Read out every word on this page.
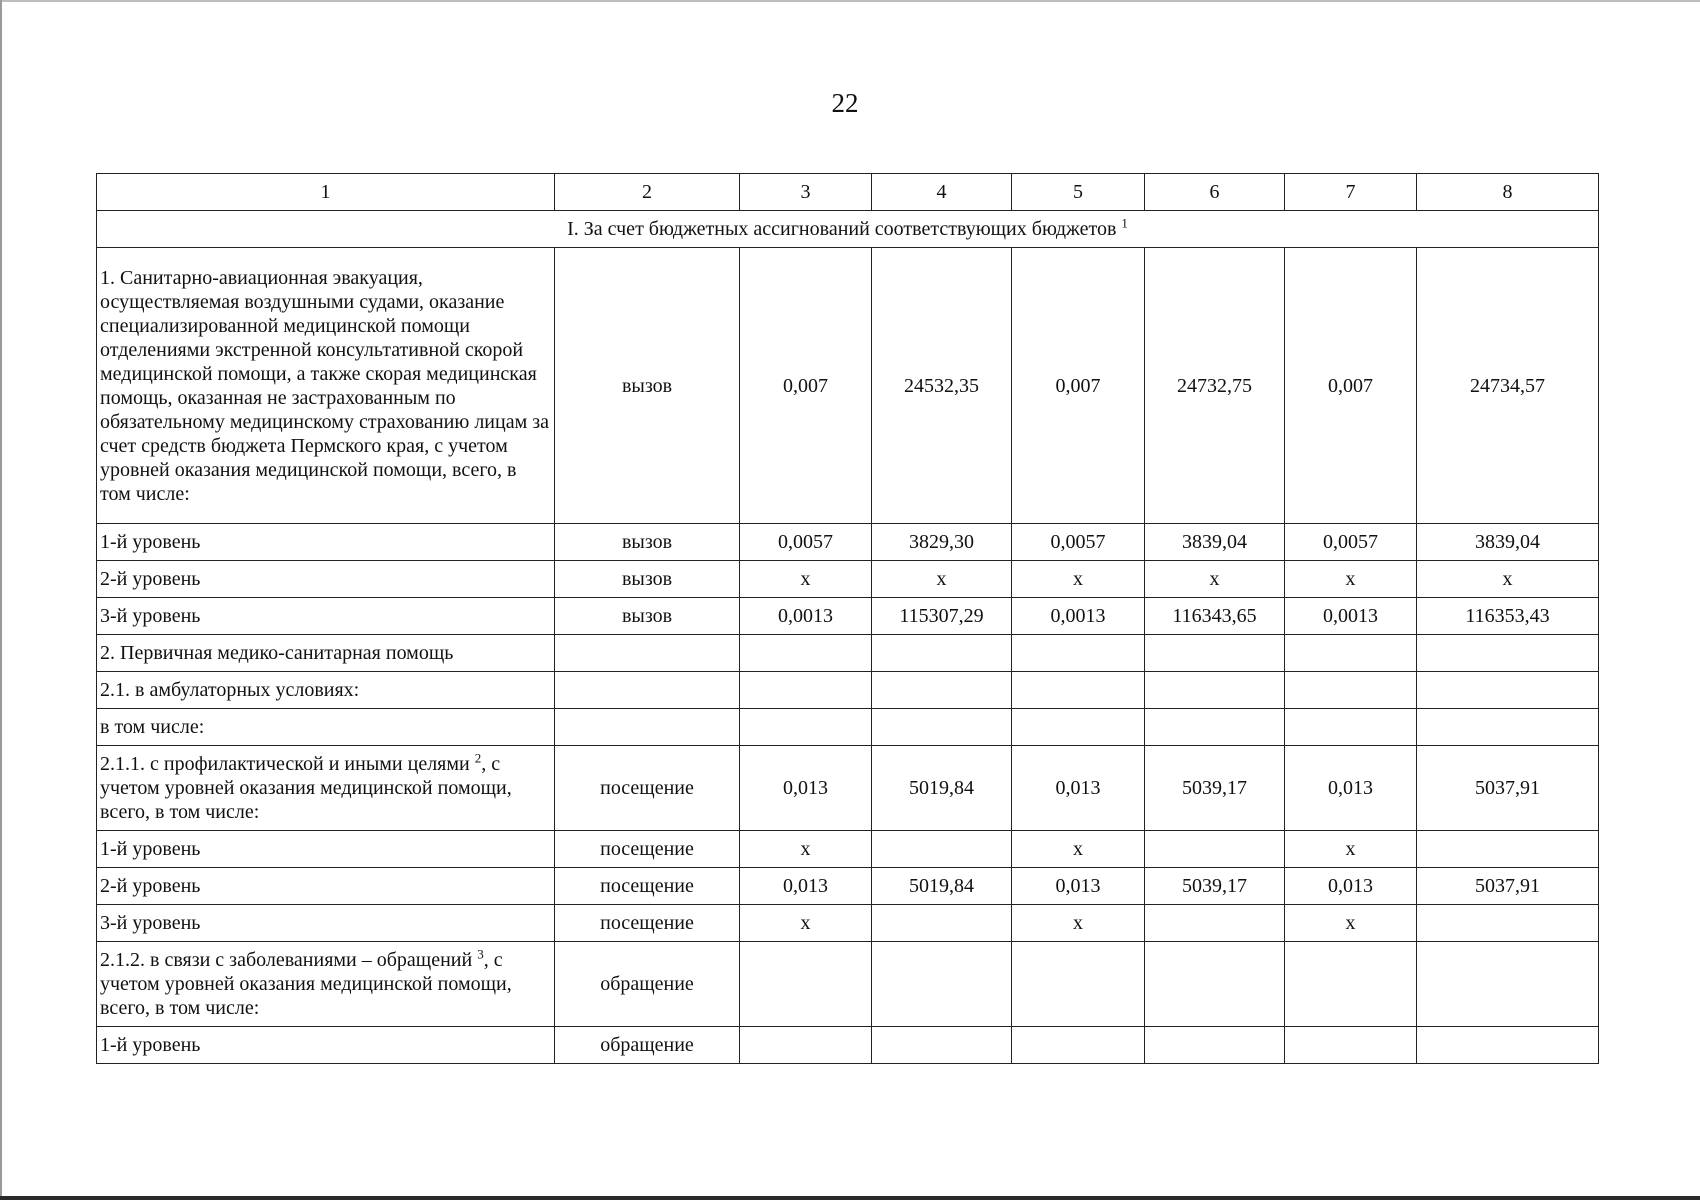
22
1	2	3	4	5	6	7	8
I. За счет бюджетных ассигнований соответствующих бюджетов $^1$
1. Санитарно-авиационная эвакуация, осуществляемая воздушными судами, оказание специализированной медицинской помощи отделениями экстренной консультативной скорой медицинской помощи, а также скорая медицинская помощь, оказанная не застрахованным по обязательному медицинскому страхованию лицам за счет средств бюджета Пермского края, с учетом уровней оказания медицинской помощи, всего, в том числе:	вызов	0,007	24532,35	0,007	24732,75	0,007	24734,57
1-й уровень	вызов	0,0057	3829,30	0,0057	3839,04	0,0057	3839,04
2-й уровень	вызов	x	x	x	x	x	x
3-й уровень	вызов	0,0013	115307,29	0,0013	116343,65	0,0013	116353,43
2. Первичная медико-санитарная помощь							
2.1. в амбулаторных условиях:							
в том числе:							
2.1.1. с профилактической и иными целями $^2$, с учетом уровней оказания медицинской помощи, всего, в том числе:	посещение	0,013	5019,84	0,013	5039,17	0,013	5037,91
1-й уровень	посещение	x		x		x	
2-й уровень	посещение	0,013	5019,84	0,013	5039,17	0,013	5037,91
3-й уровень	посещение	x		x		x	
2.1.2. в связи с заболеваниями – обращений $^3$, с учетом уровней оказания медицинской помощи, всего, в том числе:	обращение						
1-й уровень	обращение						
